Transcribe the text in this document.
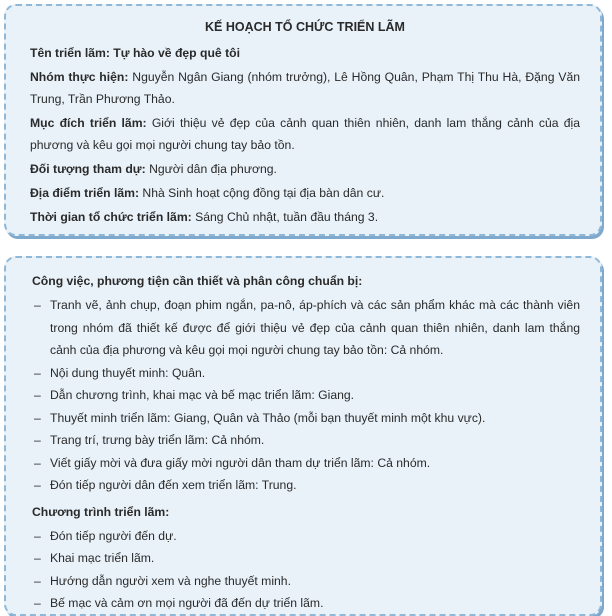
KẾ HOẠCH TỔ CHỨC TRIỂN LÃM
Tên triển lãm: Tự hào về đẹp quê tôi
Nhóm thực hiện: Nguyễn Ngân Giang (nhóm trưởng), Lê Hồng Quân, Phạm Thị Thu Hà, Đặng Văn Trung, Trần Phương Thảo.
Mục đích triển lãm: Giới thiệu vẻ đẹp của cảnh quan thiên nhiên, danh lam thắng cảnh của địa phương và kêu gọi mọi người chung tay bảo tồn.
Đối tượng tham dự: Người dân địa phương.
Địa điểm triển lãm: Nhà Sinh hoạt cộng đồng tại địa bàn dân cư.
Thời gian tổ chức triển lãm: Sáng Chủ nhật, tuần đầu tháng 3.
Công việc, phương tiện cần thiết và phân công chuẩn bị:
– Tranh vẽ, ảnh chụp, đoạn phim ngắn, pa-nô, áp-phích và các sản phẩm khác mà các thành viên trong nhóm đã thiết kế được để giới thiệu vẻ đẹp của cảnh quan thiên nhiên, danh lam thắng cảnh của địa phương và kêu gọi mọi người chung tay bảo tồn: Cả nhóm.
– Nội dung thuyết minh: Quân.
– Dẫn chương trình, khai mạc và bế mạc triển lãm: Giang.
– Thuyết minh triển lãm: Giang, Quân và Thảo (mỗi bạn thuyết minh một khu vực).
– Trang trí, trưng bày triển lãm: Cả nhóm.
– Viết giấy mời và đưa giấy mời người dân tham dự triển lãm: Cả nhóm.
– Đón tiếp người dân đến xem triển lãm: Trung.
Chương trình triển lãm:
– Đón tiếp người đến dự.
– Khai mạc triển lãm.
– Hướng dẫn người xem và nghe thuyết minh.
– Bế mạc và cảm ơn mọi người đã đến dự triển lãm.
